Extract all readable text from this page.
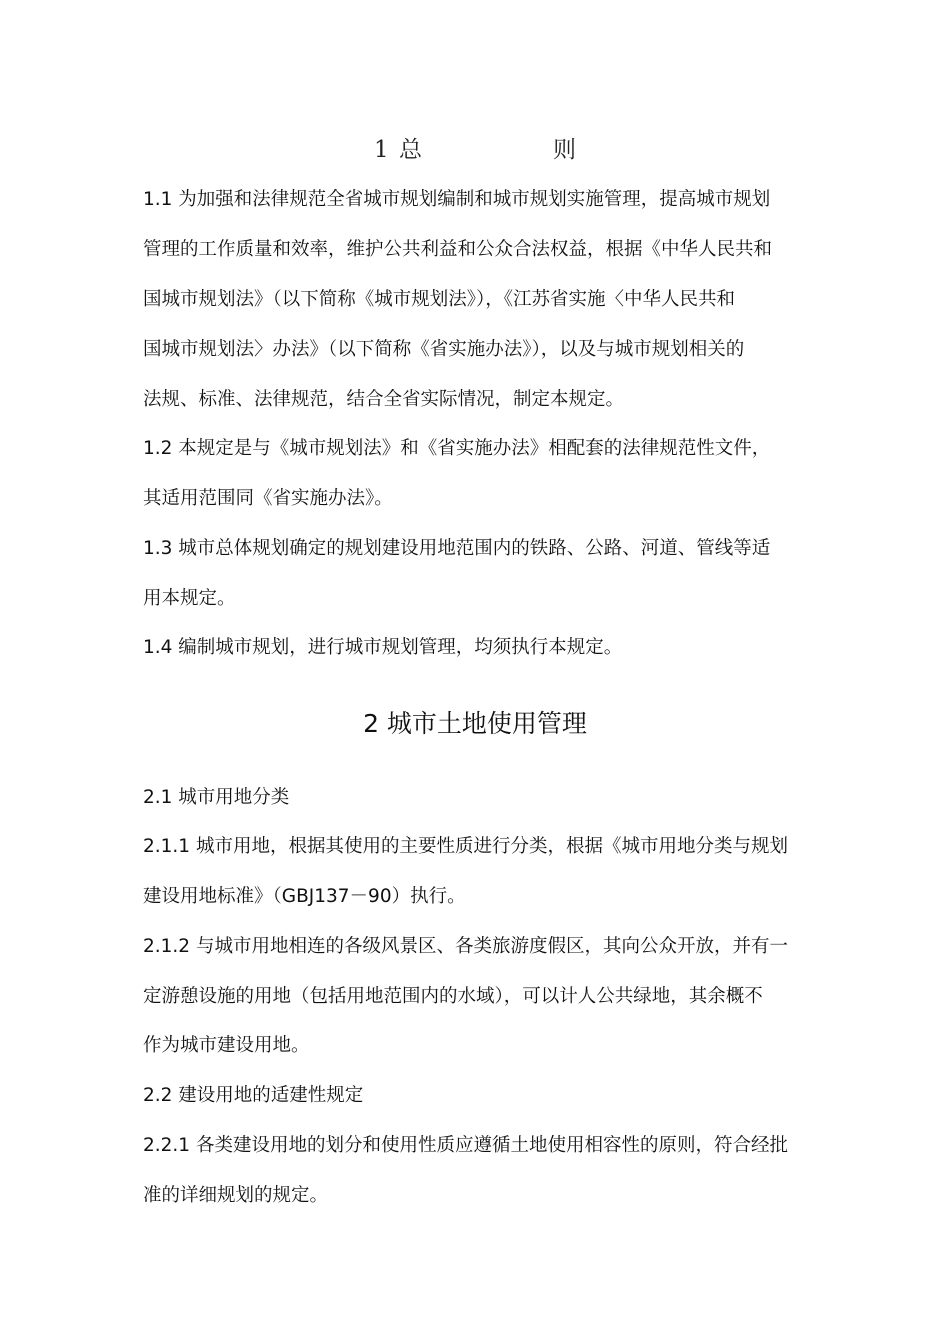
1 总	则
1.1 为加强和法律规范全省城市规划编制和城市规划实施管理，提高城市规划
管理的工作质量和效率，维护公共利益和公众合法权益，根据《中华人民共和
国城市规划法》（以下简称《城市规划法》），《江苏省实施〈中华人民共和
国城市规划法〉办法》（以下简称《省实施办法》），以及与城市规划相关的
法规、标准、法律规范，结合全省实际情况，制定本规定。
1.2 本规定是与《城市规划法》和《省实施办法》相配套的法律规范性文件，
其适用范围同《省实施办法》。
1.3 城市总体规划确定的规划建设用地范围内的铁路、公路、河道、管线等适
用本规定。
1.4 编制城市规划，进行城市规划管理，均须执行本规定。
2 城市土地使用管理
2.1 城市用地分类
2.1.1 城市用地，根据其使用的主要性质进行分类，根据《城市用地分类与规划
建设用地标准》（GBJ137－90）执行。
2.1.2 与城市用地相连的各级风景区、各类旅游度假区，其向公众开放，并有一
定游憩设施的用地（包括用地范围内的水域），可以计人公共绿地，其余概不
作为城市建设用地。
2.2 建设用地的适建性规定
2.2.1 各类建设用地的划分和使用性质应遵循土地使用相容性的原则，符合经批
准的详细规划的规定。
